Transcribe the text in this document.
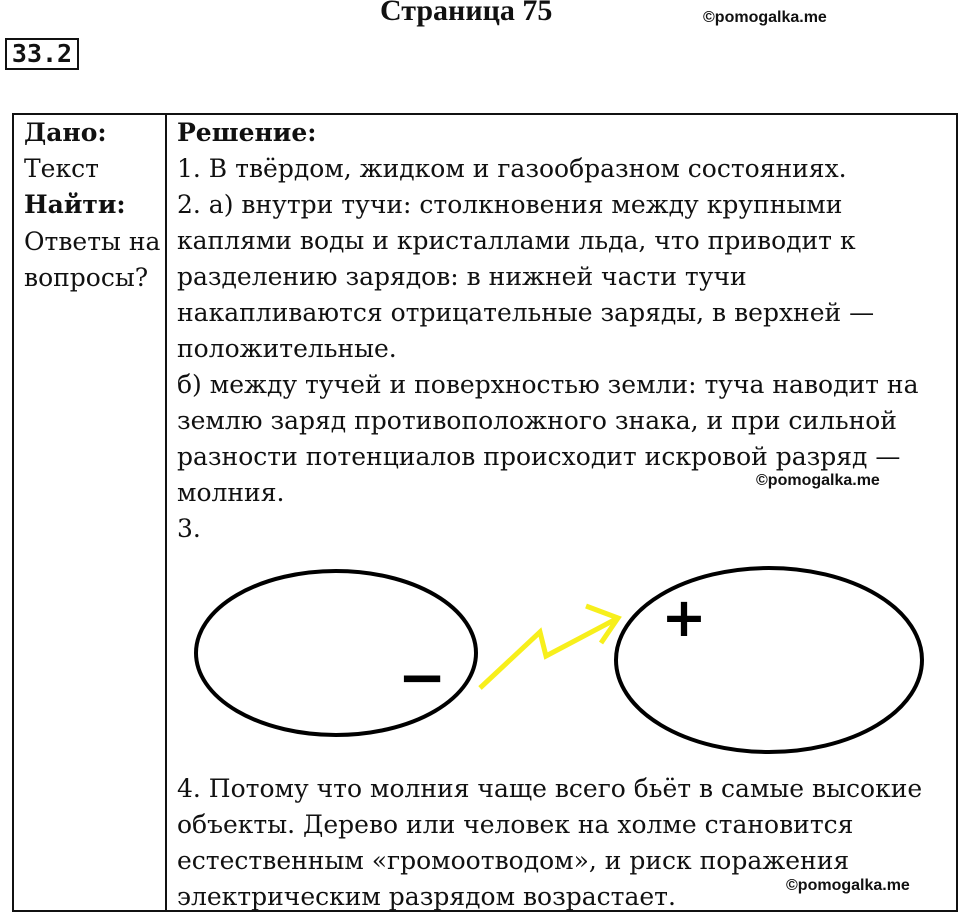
Страница 75	©pomogalka.me
33.2
Дано:
Текст
Найти:
Ответы на вопросы?

Решение:

1. В твёрдом, жидком и газообразном состояниях.

2. а) внутри тучи: столкновения между крупными каплями воды и кристаллами льда, что приводит к разделению зарядов: в нижней части тучи накапливаются отрицательные заряды, в верхней — положительные.

б) между тучей и поверхностью земли: туча наводит на землю заряд противоположного знака, и при сильной разности потенциалов происходит искровой разряд — молния.

3.

©pomogalka.me
−
+

4. Потому что молния чаще всего бьёт в самые высокие объекты. Дерево или человек на холме становится естественным «громоотводом», и риск поражения электрическим разрядом возрастает.	©pomogalka.me
